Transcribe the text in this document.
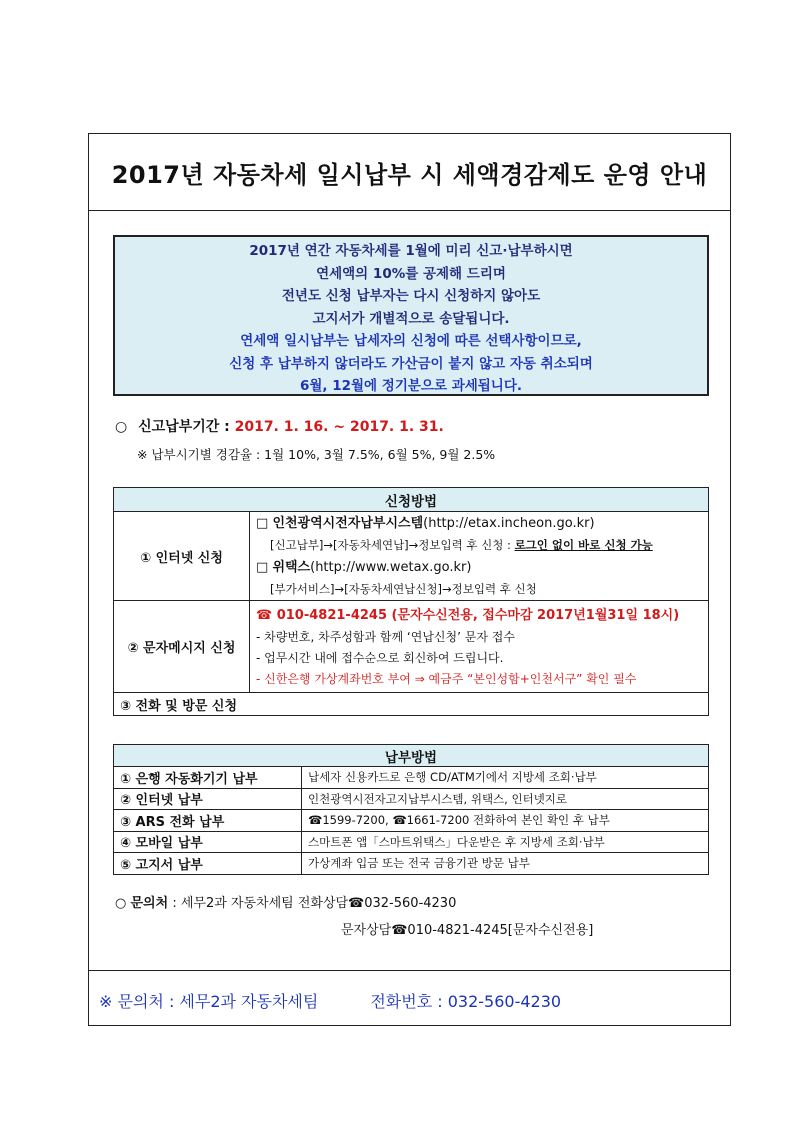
2017년 자동차세 일시납부 시 세액경감제도 운영 안내
2017년 연간 자동차세를 1월에 미리 신고·납부하시면
연세액의 10%를 공제해 드리며
전년도 신청 납부자는 다시 신청하지 않아도
고지서가 개별적으로 송달됩니다.
연세액 일시납부는 납세자의 신청에 따른 선택사항이므로,
신청 후 납부하지 않더라도 가산금이 붙지 않고 자동 취소되며
6월, 12월에 정기분으로 과세됩니다.
○ 신고납부기간 : 2017. 1. 16. ~ 2017. 1. 31.
※ 납부시기별 경감율 : 1월 10%, 3월 7.5%, 6월 5%, 9월 2.5%
신청방법	
① 인터넷 신청	□ 인천광역시전자납부시스템(http://etax.incheon.go.kr)
[신고납부]→[자동차세연납]→정보입력 후 신청 : 로그인 없이 바로 신청 가능
□ 위택스(http://www.wetax.go.kr)
[부가서비스]→[자동차세연납신청]→정보입력 후 신청

② 문자메시지 신청	☎ 010-4821-4245 (문자수신전용, 접수마감 2017년1월31일 18시)
- 차량번호, 차주성함과 함께 ‘연납신청’ 문자 접수
- 업무시간 내에 접수순으로 회신하여 드립니다.
- 신한은행 가상계좌번호 부여 ⇒ 예금주 “본인성함+인천서구” 확인 필수

③ 전화 및 방문 신청	
납부방법	
① 은행 자동화기기 납부	납세자 신용카드로 은행 CD/ATM기에서 지방세 조회·납부
② 인터넷 납부	인천광역시전자고지납부시스템, 위택스, 인터넷지로
③ ARS 전화 납부	☎1599-7200, ☎1661-7200 전화하여 본인 확인 후 납부
④ 모바일 납부	스마트폰 앱「스마트위택스」다운받은 후 지방세 조회·납부
⑤ 고지서 납부	가상계좌 입금 또는 전국 금융기관 방문 납부
○ 문의처 : 세무2과 자동차세팀 전화상담☎032-560-4230
문자상담☎010-4821-4245[문자수신전용]
※ 문의처 : 세무2과 자동차세팀	전화번호 : 032-560-4230
